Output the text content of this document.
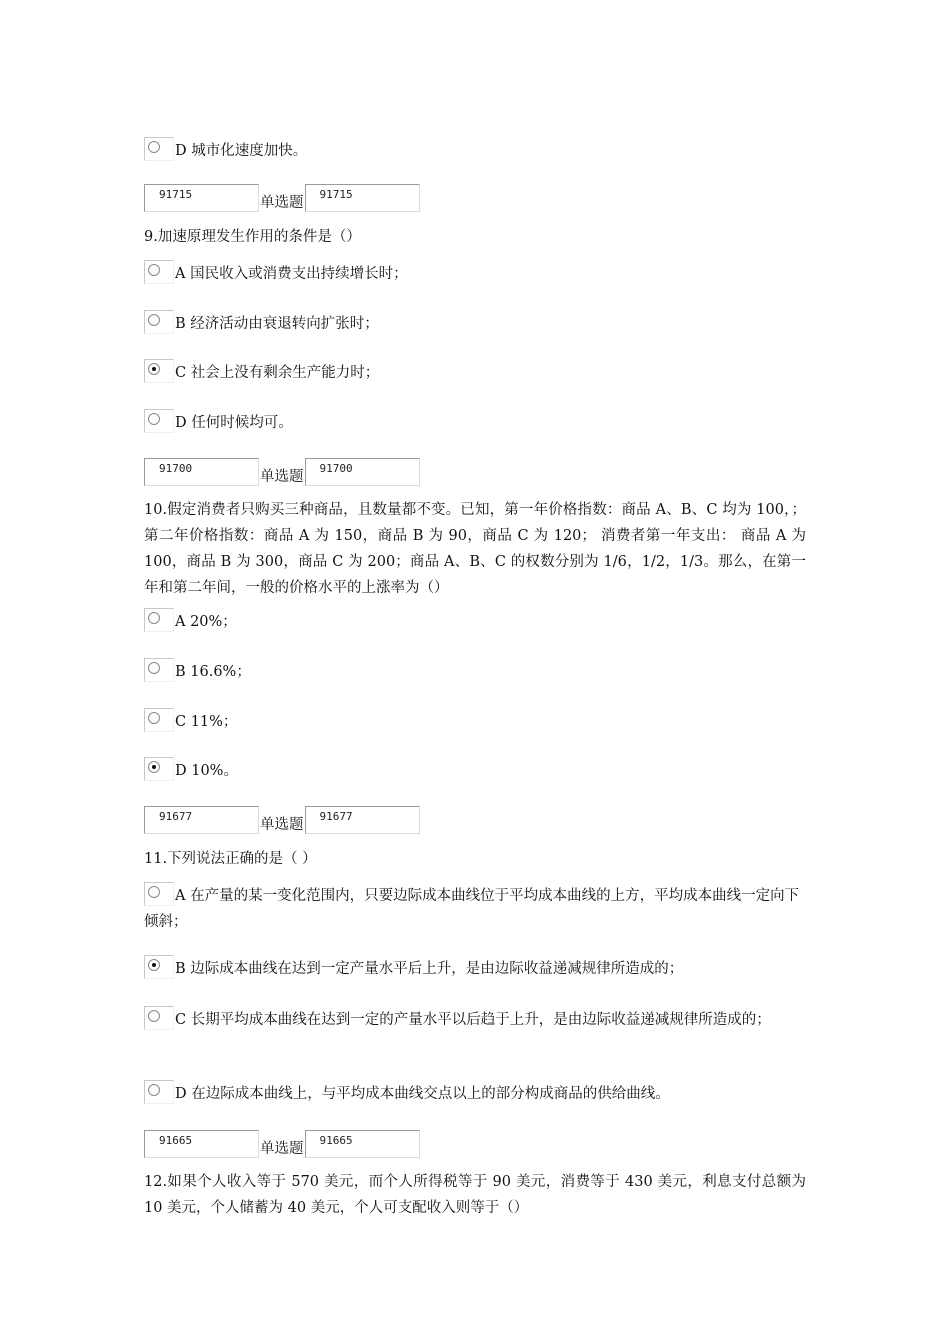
D 城市化速度加快。
91715
单选题
91715
9.加速原理发生作用的条件是（）
A 国民收入或消费支出持续增长时；
B 经济活动由衰退转向扩张时；
C 社会上没有剩余生产能力时；
D 任何时候均可。
91700
单选题
91700
10.假定消费者只购买三种商品，且数量都不变。已知，第一年价格指数：商品 A、B、C 均为 100，；第二年价格指数：商品 A 为 150，商品 B 为 90，商品 C 为 120； 消费者第一年支出： 商品 A 为 100，商品 B 为 300，商品 C 为 200；商品 A、B、C 的权数分别为 1/6，1/2，1/3。那么，在第一年和第二年间，一般的价格水平的上涨率为（）
A 20%；
B 16.6%；
C 11%；
D 10%。
91677
单选题
91677
11.下列说法正确的是（ ）
A 在产量的某一变化范围内，只要边际成本曲线位于平均成本曲线的上方，平均成本曲线一定向下倾斜；
B 边际成本曲线在达到一定产量水平后上升，是由边际收益递减规律所造成的；
C 长期平均成本曲线在达到一定的产量水平以后趋于上升，是由边际收益递减规律所造成的；
D 在边际成本曲线上，与平均成本曲线交点以上的部分构成商品的供给曲线。
91665
单选题
91665
12.如果个人收入等于 570 美元，而个人所得税等于 90 美元，消费等于 430 美元，利息支付总额为 10 美元，个人储蓄为 40 美元，个人可支配收入则等于（）
